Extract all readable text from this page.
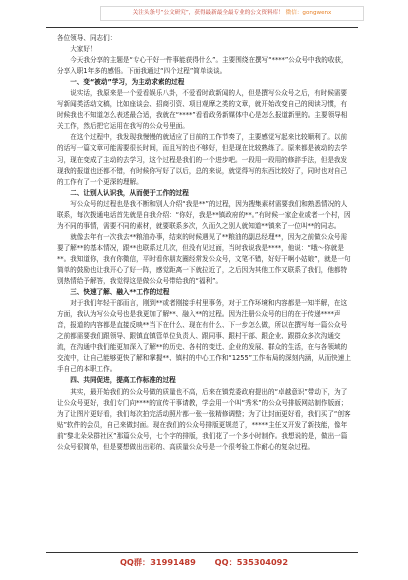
关注头条号“公文研究”，获得最新最全最专业的公文资料库！ 微信：gongwenx

各位领导、同志们：

大家好！

今天我分享的主题是“专心干好一件事能获得什么”。主要围绕在撰写“****”公众号中我的收获，分享入职1年多的感悟。下面我通过“四个过程”简单谈谈。

一、变“被动”学习，为主动求索的过程

说实话，我原来是一个爱看娱乐八卦，不爱看时政新闻的人，但是撰写公众号之后，有时候需要写新闻类活动文稿，比如座谈会、招商引资、项目观摩之类的文章，就开始改变自己的阅读习惯，有时候我也不知道怎么表述最合适，我就在“****”看看政务新媒体中心是怎么报道新里的。主要领导相关工作，然后把它运用在我写的公众号里面。

在这个过程中，我发现我慢慢的就适应了目前的工作节奏了，主要感觉写起来比较顺利了。以前的话写一篇文章可能需要很长时间，而且写的也不够好，但是现在比较熟练了。原来都是被动的去学习，现在变成了主动的去学习，这个过程是我们的一个进步吧。一段用一段用的修辞手法，但是我发现我的报道也还都不错，有时候你写好了以后，总的来说，就觉得写的东西比较好了，同时也对自己的工作有了一个更深的理解。

二、让别人认识我，从而便于工作的过程

写公众号的过程也是我不断和别人介绍“我是**”的过程，因为搜集素材需要我们和熟悉情况的人联系，每次拨通电话首先就是自我介绍：“你好，我是**镇政府的**。”有时候一家企业或者一个村，因为不同的事情，需要不同的素材，就要联系多次，久而久之别人就知道**镇来了一位叫**的同志。

就像去年有一次我去**粮油办事，结束的时候遇见了**粮油的副总经理**，因为之前做公众号需要了解**的基本情况，跟**也联系过几次，但没有见过面，当时我说我是****，他说：“哦～你就是**。我知道你，我有你微信，平时看你朋友圈经常发公众号，文笔不错，好好干啊小姑娘”，就是一句简单的鼓励也让我开心了好一阵，感觉距离一下就拉近了，之后因为其他工作又联系了我们，他都特别热情给予解答，我觉得这是做公众号带给我的“福利”。

三、快速了解、融入**工作的过程

对于我们年轻干部而言，刚到**或者刚接手村里事务，对于工作环境和内容都是一知半解，在这方面，我认为写公众号也是我更加了解**、融入**的过程。因为注册公众号的目的在于传递****声音，报道的内容都是直接反映**当下在什么、现在有什么、下一步怎么做，所以在撰写每一篇公众号之前都需要我们跟领导、跟镇直镇管单位负责人、跟同事、跟村干部、跟企业、跟群众多次沟通交流，在沟通中我们能更加深入了解**的历史、各村的变迁、企业的发展、群众的生活，在与各领域的交流中，让自己能够更快了解和掌握**、镇村的中心工作和“1255”工作布局的深刻内涵，从而快速上手自己的本职工作。

四、共同促进，提高工作标准的过程

其实，最开始我们的公众号做的质量也不高，后来在镇党委政府提出的“卓越意识”带动下，为了让公众号更好，我们专门向****的宣传干事请教，学会用一个叫“秀米”的公众号排版网站制作版面；为了让图片更好看，我们每次拍完活动照片都一张一张精修调整；为了让封面更好看，我们买了“创客贴”软件的会员，自己来做封面。现在我们的公众号排版更规范了，*****主任又开发了新技能，像年前“黎北朵朵群社区”那篇公众号，七个字的排版，我们花了一个多小时制作。我想说的是，做出一篇公众号很简单，但是要想做出出彩的、高质量公众号是一个很考验工作耐心的复杂过程。

QQ群：31991489 QQ：535304092
